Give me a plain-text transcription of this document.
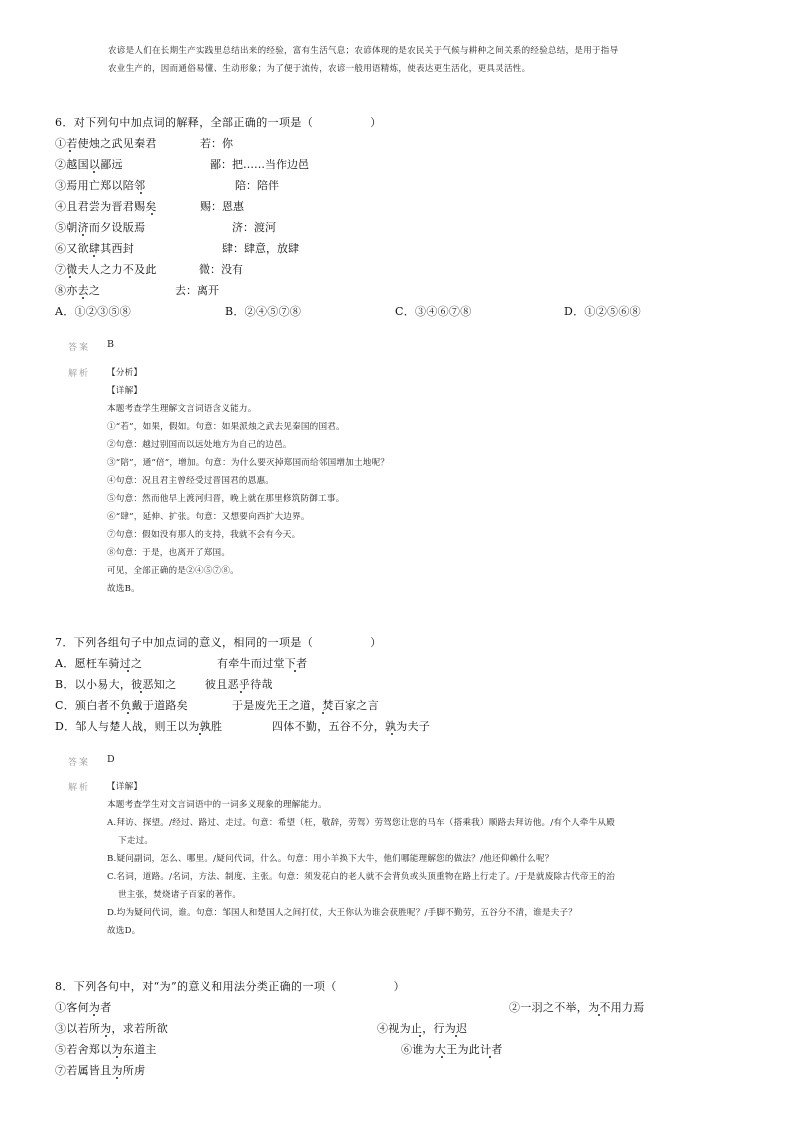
农谚是人们在长期生产实践里总结出来的经验，富有生活气息；农谚体现的是农民关于气候与耕种之间关系的经验总结，是用于指导
农业生产的，因而通俗易懂、生动形象；为了便于流传，农谚一般用语精炼，使表达更生活化，更具灵活性。
6．对下列句中加点词的解释，全部正确的一项是（　　　　　）
①若使烛之武见秦君	若：你
②越国以鄙远	鄙：把……当作边邑
③焉用亡郑以陪邻	陪：陪伴
④且君尝为晋君赐矣	赐：恩惠
⑤朝济而夕设版焉	济：渡河
⑥又欲肆其西封	肆：肆意，放肆
⑦微夫人之力不及此	微：没有
⑧亦去之	去：离开
A．①②③⑤⑧	B．②④⑤⑦⑧	C．③④⑥⑦⑧	D．①②⑤⑥⑧
答案 B
解析 【分析】
【详解】
本题考查学生理解文言词语含义能力。
①“若”，如果，假如。句意：如果派烛之武去见秦国的国君。
②句意：越过别国而以远处地方为自己的边邑。
③“陪”，通“倍”，增加。句意：为什么要灭掉郑国而给邻国增加土地呢？
④句意：况且君主曾经受过晋国君的恩惠。
⑤句意：然而他早上渡河归晋，晚上就在那里修筑防御工事。
⑥“肆”，延伸、扩张。句意：又想要向西扩大边界。
⑦句意：假如没有那人的支持，我就不会有今天。
⑧句意：于是，也离开了郑国。
可见，全部正确的是②④⑤⑦⑧。
故选B。
7．下列各组句子中加点词的意义，相同的一项是（　　　　　）
A．愿枉车骑过之	有牵牛而过堂下者
B．以小易大，彼恶知之	彼且恶乎待哉
C．颁白者不负戴于道路矣	于是废先王之道，焚百家之言
D．邹人与楚人战，则王以为孰胜	四体不勤，五谷不分，孰为夫子
答案 D
解析 【详解】
本题考查学生对文言词语中的一词多义现象的理解能力。
A.拜访、探望。/经过、路过、走过。句意：希望（枉，敬辞，劳驾）劳驾您让您的马车（搭乘我）顺路去拜访他。/有个人牵牛从殿
下走过。
B.疑问副词，怎么、哪里。/疑问代词，什么。句意：用小羊换下大牛，他们哪能理解您的做法？/他还仰赖什么呢？
C.名词，道路。/名词，方法、制度、主张。句意：须发花白的老人就不会背负或头顶重物在路上行走了。/于是就废除古代帝王的治
世主张，焚烧诸子百家的著作。
D.均为疑问代词，谁。句意：邹国人和楚国人之间打仗，大王你认为谁会获胜呢？/手脚不勤劳，五谷分不清，谁是夫子？
故选D。
8．下列各句中，对“为”的意义和用法分类正确的一项（　　　　　）
①客何为者	②一羽之不举，为不用力焉
③以若所为，求若所欲	④视为止，行为迟
⑤若舍郑以为东道主	⑥谁为大王为此计者
⑦若属皆且为所虏
